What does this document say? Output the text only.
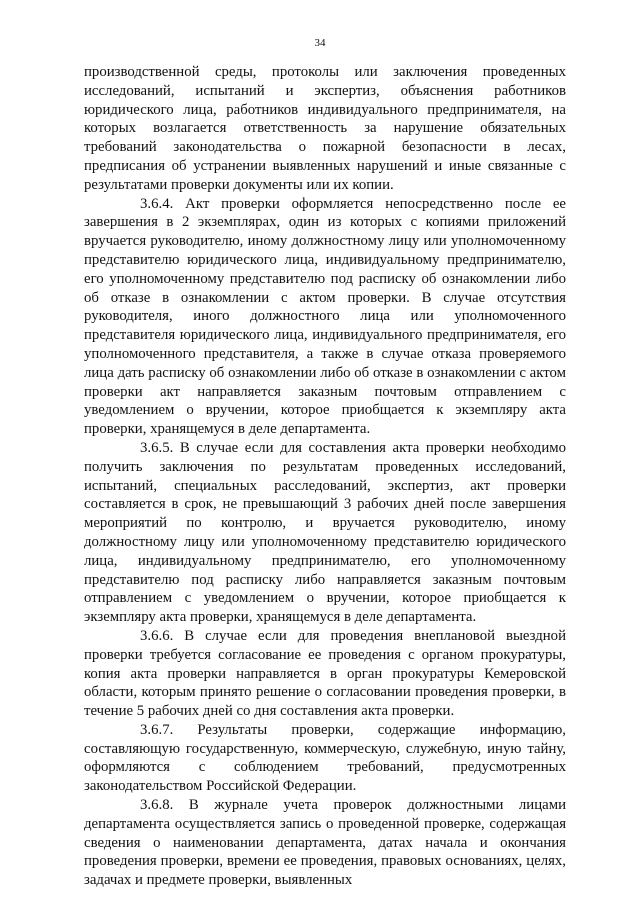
34

производственной среды, протоколы или заключения проведенных исследований, испытаний и экспертиз, объяснения работников юридического лица, работников индивидуального предпринимателя, на которых возлагается ответственность за нарушение обязательных требований законодательства о пожарной безопасности в лесах, предписания об устранении выявленных нарушений и иные связанные с результатами проверки документы или их копии.

3.6.4. Акт проверки оформляется непосредственно после ее завершения в 2 экземплярах, один из которых с копиями приложений вручается руководителю, иному должностному лицу или уполномоченному представителю юридического лица, индивидуальному предпринимателю, его уполномоченному представителю под расписку об ознакомлении либо об отказе в ознакомлении с актом проверки. В случае отсутствия руководителя, иного должностного лица или уполномоченного представителя юридического лица, индивидуального предпринимателя, его уполномоченного представителя, а также в случае отказа проверяемого лица дать расписку об ознакомлении либо об отказе в ознакомлении с актом проверки акт направляется заказным почтовым отправлением с уведомлением о вручении, которое приобщается к экземпляру акта проверки, хранящемуся в деле департамента.

3.6.5. В случае если для составления акта проверки необходимо получить заключения по результатам проведенных исследований, испытаний, специальных расследований, экспертиз, акт проверки составляется в срок, не превышающий 3 рабочих дней после завершения мероприятий по контролю, и вручается руководителю, иному должностному лицу или уполномоченному представителю юридического лица, индивидуальному предпринимателю, его уполномоченному представителю под расписку либо направляется заказным почтовым отправлением с уведомлением о вручении, которое приобщается к экземпляру акта проверки, хранящемуся в деле департамента.

3.6.6. В случае если для проведения внеплановой выездной проверки требуется согласование ее проведения с органом прокуратуры, копия акта проверки направляется в орган прокуратуры Кемеровской области, которым принято решение о согласовании проведения проверки, в течение 5 рабочих дней со дня составления акта проверки.

3.6.7. Результаты проверки, содержащие информацию, составляющую государственную, коммерческую, служебную, иную тайну, оформляются с соблюдением требований, предусмотренных законодательством Российской Федерации.

3.6.8. В журнале учета проверок должностными лицами департамента осуществляется запись о проведенной проверке, содержащая сведения о наименовании департамента, датах начала и окончания проведения проверки, времени ее проведения, правовых основаниях, целях, задачах и предмете проверки, выявленных
